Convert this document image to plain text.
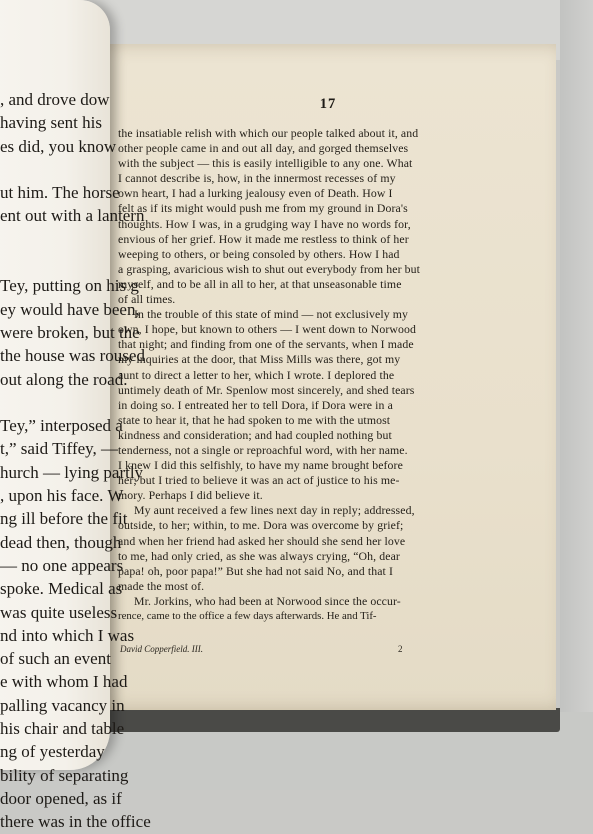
17
the insatiable relish with which our people talked about it, and
other people came in and out all day, and gorged themselves
with the subject — this is easily intelligible to any one. What
I cannot describe is, how, in the innermost recesses of my
own heart, I had a lurking jealousy even of Death. How I
felt as if its might would push me from my ground in Dora's
thoughts. How I was, in a grudging way I have no words for,
envious of her grief. How it made me restless to think of her
weeping to others, or being consoled by others. How I had
a grasping, avaricious wish to shut out everybody from her but
myself, and to be all in all to her, at that unseasonable time
of all times.
In the trouble of this state of mind — not exclusively my
own, I hope, but known to others — I went down to Norwood
that night; and finding from one of the servants, when I made
my inquiries at the door, that Miss Mills was there, got my
aunt to direct a letter to her, which I wrote. I deplored the
untimely death of Mr. Spenlow most sincerely, and shed tears
in doing so. I entreated her to tell Dora, if Dora were in a
state to hear it, that he had spoken to me with the utmost
kindness and consideration; and had coupled nothing but
tenderness, not a single or reproachful word, with her name.
I knew I did this selfishly, to have my name brought before
her; but I tried to believe it was an act of justice to his me-
mory. Perhaps I did believe it.
My aunt received a few lines next day in reply; addressed,
outside, to her; within, to me. Dora was overcome by grief;
and when her friend had asked her should she send her love
to me, had only cried, as she was always crying, “Oh, dear
papa! oh, poor papa!” But she had not said No, and that I
made the most of.
Mr. Jorkins, who had been at Norwood since the occur-
rence, came to the office a few days afterwards. He and Tif-
David Copperfield. III.	2
, and drove dow
having sent his
es did, you know
ut him. The horse
ent out with a lantern
Tey, putting on his g
ey would have been,
were broken, but the
the house was roused
out along the road.
Tey,” interposed a
t,” said Tiffey, —
hurch — lying partly
, upon his face. W
ng ill before the fit
dead then, though
— no one appears
spoke. Medical as
was quite useless
nd into which I was
of such an event
e with whom I had
palling vacancy in
his chair and table
ng of yesterday
bility of separating
door opened, as if
there was in the office
